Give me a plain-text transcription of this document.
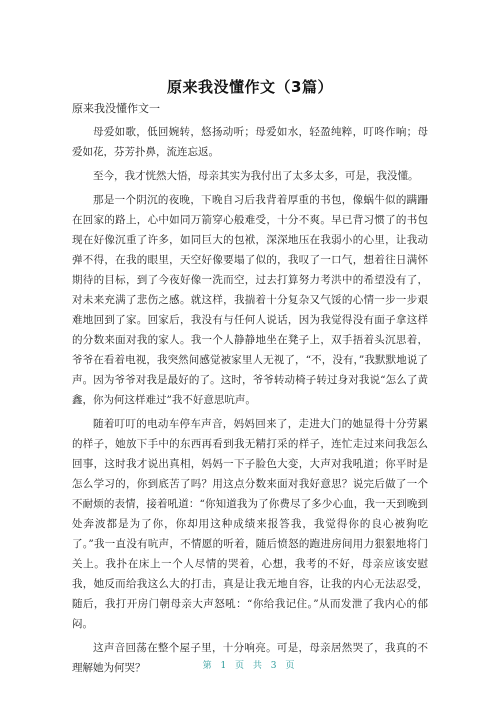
原来我没懂作文（3篇）
原来我没懂作文一

母爱如歌，低回婉转，悠扬动听；母爱如水，轻盈纯粹，叮咚作响；母爱如花，芬芳扑鼻，流连忘返。

至今，我才恍然大悟，母亲其实为我付出了太多太多，可是，我没懂。

那是一个阴沉的夜晚，下晚自习后我背着厚重的书包，像蜗牛似的蹒跚在回家的路上，心中如同万箭穿心般难受，十分不爽。早已背习惯了的书包现在好像沉重了许多，如同巨大的包袱，深深地压在我弱小的心里，让我动弹不得，在我的眼里，天空好像要塌了似的，我叹了一口气，想着往日满怀期待的目标，到了今夜好像一洗而空，过去打算努力考洪中的希望没有了，对未来充满了悲伤之感。就这样，我揣着十分复杂又气馁的心情一步一步艰难地回到了家。回家后，我没有与任何人说话，因为我觉得没有面子拿这样的分数来面对我的家人。我一个人静静地坐在凳子上，双手捂着头沉思着，爷爷在看着电视，我突然间感觉被家里人无视了，“不，没有，”我默默地说了声。因为爷爷对我是最好的了。这时，爷爷转动椅子转过身对我说“怎么了黄鑫，你为何这样难过”我不好意思吭声。

随着叮叮的电动车停车声音，妈妈回来了，走进大门的她显得十分劳累的样子，她放下手中的东西再看到我无精打采的样子，连忙走过来问我怎么回事，这时我才说出真相，妈妈一下子脸色大变，大声对我吼道；你平时是怎么学习的，你到底苦了吗？用这点分数来面对我好意思？说完后做了一个不耐烦的表情，接着吼道：“你知道我为了你费尽了多少心血，我一天到晚到处奔波都是为了你，你却用这种成绩来报答我，我觉得你的良心被狗吃了。”我一直没有吭声，不情愿的听着，随后愤怒的跑进房间用力狠狠地将门关上。我扑在床上一个人尽情的哭着，心想，我考的不好，母亲应该安慰我，她反而给我这么大的打击，真是让我无地自容，让我的内心无法忍受，随后，我打开房门朝母亲大声怒吼：“你给我记住。”从而发泄了我内心的郁闷。

这声音回荡在整个屋子里，十分响亮。可是，母亲居然哭了，我真的不理解她为何哭？	第 1 页 共 3 页
